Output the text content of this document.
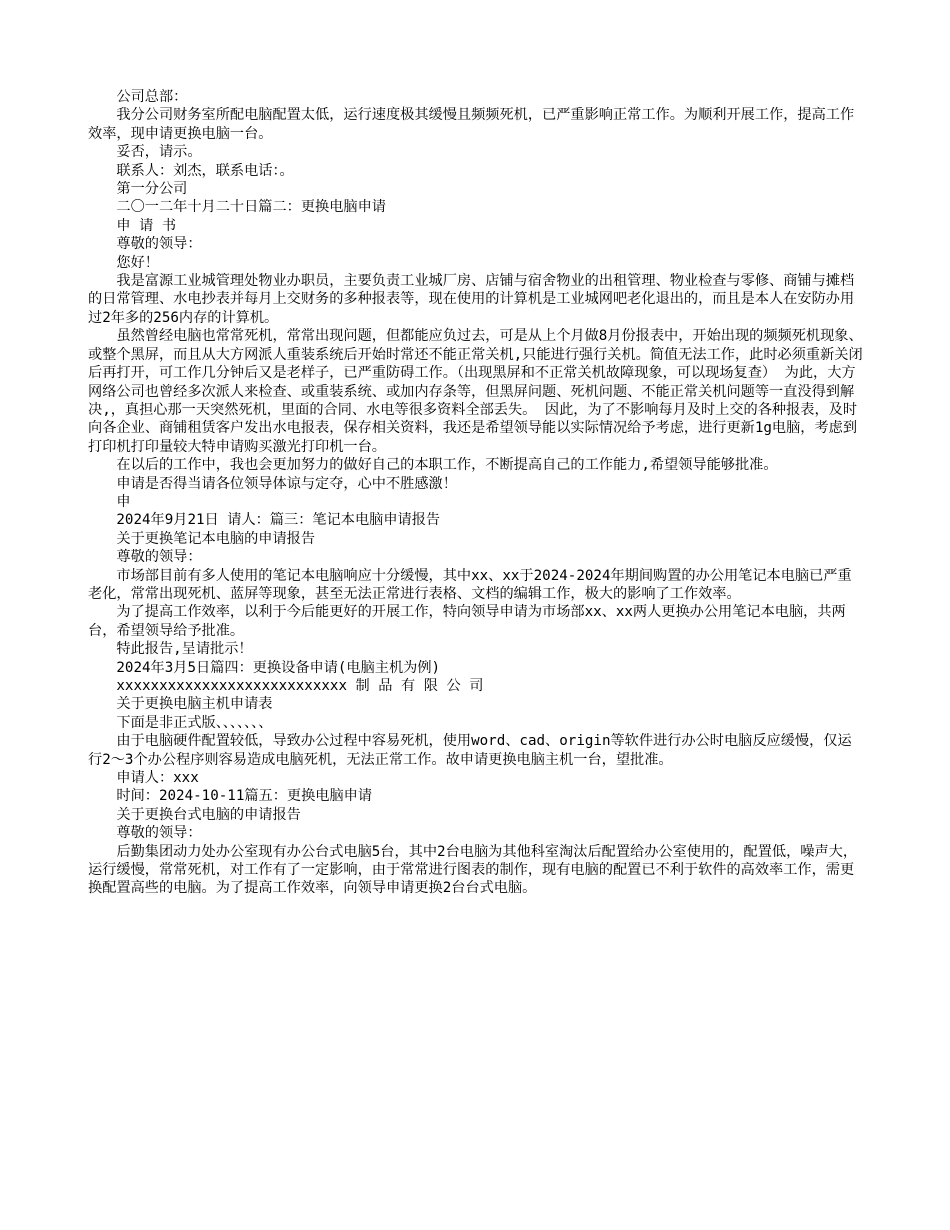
公司总部：

我分公司财务室所配电脑配置太低，运行速度极其缓慢且频频死机，已严重影响正常工作。为顺利开展工作，提高工作效率，现申请更换电脑一台。

妥否，请示。

联系人：刘杰，联系电话：。

第一分公司

二〇一二年十月二十日篇二：更换电脑申请

申 请 书

尊敬的领导：

您好！

我是富源工业城管理处物业办职员，主要负责工业城厂房、店铺与宿舍物业的出租管理、物业检查与零修、商铺与摊档的日常管理、水电抄表并每月上交财务的多种报表等，现在使用的计算机是工业城网吧老化退出的，而且是本人在安防办用过2年多的256内存的计算机。

虽然曾经电脑也常常死机，常常出现问题，但都能应负过去，可是从上个月做8月份报表中，开始出现的频频死机现象、或整个黑屏，而且从大方网派人重装系统后开始时常还不能正常关机,只能进行强行关机。简值无法工作，此时必须重新关闭后再打开，可工作几分钟后又是老样子，已严重防碍工作。（出现黑屏和不正常关机故障现象，可以现场复查） 为此，大方网络公司也曾经多次派人来检查、或重装系统、或加内存条等，但黑屏问题、死机问题、不能正常关机问题等一直没得到解决,，真担心那一天突然死机，里面的合同、水电等很多资料全部丢失。 因此，为了不影响每月及时上交的各种报表，及时向各企业、商铺租赁客户发出水电报表，保存相关资料，我还是希望领导能以实际情况给予考虑，进行更新1g电脑，考虑到打印机打印量较大特申请购买激光打印机一台。

在以后的工作中，我也会更加努力的做好自己的本职工作，不断提高自己的工作能力,希望领导能够批准。

申请是否得当请各位领导体谅与定夺，心中不胜感激！

申

2024年9月21日 请人：篇三：笔记本电脑申请报告

关于更换笔记本电脑的申请报告

尊敬的领导：

市场部目前有多人使用的笔记本电脑响应十分缓慢，其中xx、xx于2024-2024年期间购置的办公用笔记本电脑已严重老化，常常出现死机、蓝屏等现象，甚至无法正常进行表格、文档的编辑工作，极大的影响了工作效率。

为了提高工作效率，以利于今后能更好的开展工作，特向领导申请为市场部xx、xx两人更换办公用笔记本电脑，共两台，希望领导给予批准。

特此报告,呈请批示！

2024年3月5日篇四：更换设备申请(电脑主机为例)

xxxxxxxxxxxxxxxxxxxxxxxxxxx 制 品 有 限 公 司

关于更换电脑主机申请表

下面是非正式版、、、、、、、

由于电脑硬件配置较低，导致办公过程中容易死机，使用word、cad、origin等软件进行办公时电脑反应缓慢，仅运行2～3个办公程序则容易造成电脑死机，无法正常工作。故申请更换电脑主机一台，望批准。

申请人：xxx

时间：2024-10-11篇五：更换电脑申请

关于更换台式电脑的申请报告

尊敬的领导：

后勤集团动力处办公室现有办公台式电脑5台，其中2台电脑为其他科室淘汰后配置给办公室使用的，配置低，噪声大，运行缓慢，常常死机，对工作有了一定影响，由于常常进行图表的制作，现有电脑的配置已不利于软件的高效率工作，需更换配置高些的电脑。为了提高工作效率，向领导申请更换2台台式电脑。
